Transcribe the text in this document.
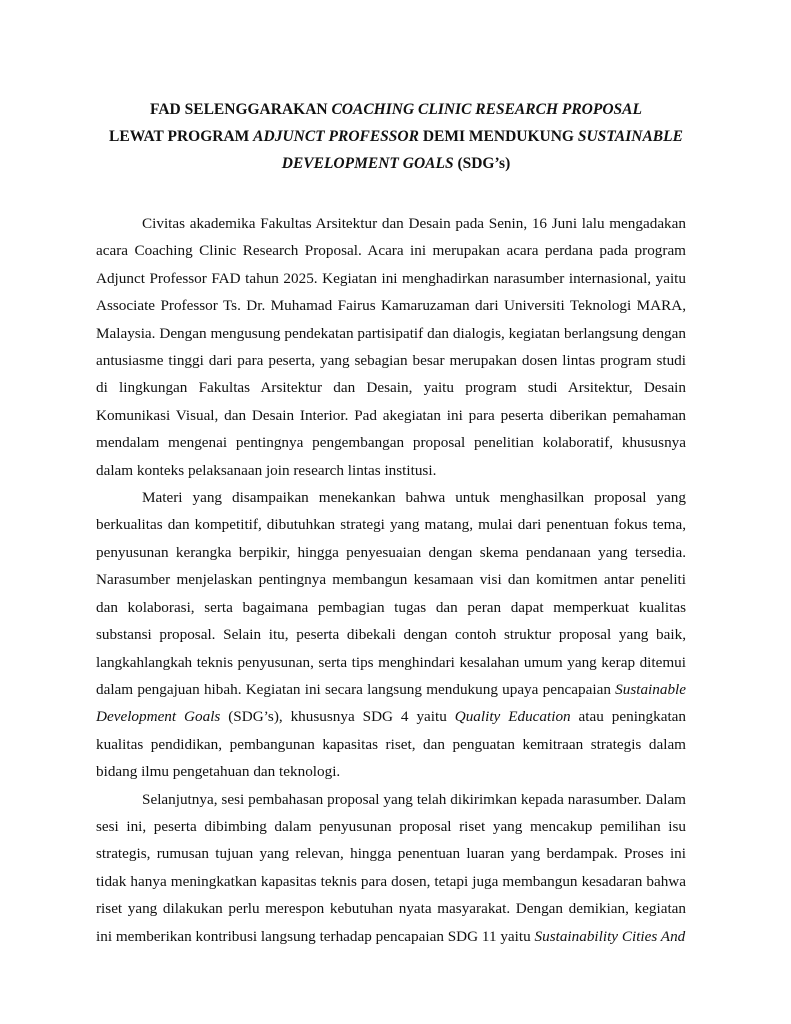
FAD SELENGGARAKAN COACHING CLINIC RESEARCH PROPOSAL
LEWAT PROGRAM ADJUNCT PROFESSOR DEMI MENDUKUNG SUSTAINABLE
DEVELOPMENT GOALS (SDG’s)

Civitas akademika Fakultas Arsitektur dan Desain pada Senin, 16 Juni lalu mengadakan acara Coaching Clinic Research Proposal. Acara ini merupakan acara perdana pada program Adjunct Professor FAD tahun 2025. Kegiatan ini menghadirkan narasumber internasional, yaitu Associate Professor Ts. Dr. Muhamad Fairus Kamaruzaman dari Universiti Teknologi MARA, Malaysia. Dengan mengusung pendekatan partisipatif dan dialogis, kegiatan berlangsung dengan antusiasme tinggi dari para peserta, yang sebagian besar merupakan dosen lintas program studi di lingkungan Fakultas Arsitektur dan Desain, yaitu program studi Arsitektur, Desain Komunikasi Visual, dan Desain Interior. Pad akegiatan ini para peserta diberikan pemahaman mendalam mengenai pentingnya pengembangan proposal penelitian kolaboratif, khususnya dalam konteks pelaksanaan join research lintas institusi.

Materi yang disampaikan menekankan bahwa untuk menghasilkan proposal yang berkualitas dan kompetitif, dibutuhkan strategi yang matang, mulai dari penentuan fokus tema, penyusunan kerangka berpikir, hingga penyesuaian dengan skema pendanaan yang tersedia. Narasumber menjelaskan pentingnya membangun kesamaan visi dan komitmen antar peneliti dan kolaborasi, serta bagaimana pembagian tugas dan peran dapat memperkuat kualitas substansi proposal. Selain itu, peserta dibekali dengan contoh struktur proposal yang baik, langkahlangkah teknis penyusunan, serta tips menghindari kesalahan umum yang kerap ditemui dalam pengajuan hibah. Kegiatan ini secara langsung mendukung upaya pencapaian Sustainable Development Goals (SDG’s), khususnya SDG 4 yaitu Quality Education atau peningkatan kualitas pendidikan, pembangunan kapasitas riset, dan penguatan kemitraan strategis dalam bidang ilmu pengetahuan dan teknologi.

Selanjutnya, sesi pembahasan proposal yang telah dikirimkan kepada narasumber. Dalam sesi ini, peserta dibimbing dalam penyusunan proposal riset yang mencakup pemilihan isu strategis, rumusan tujuan yang relevan, hingga penentuan luaran yang berdampak. Proses ini tidak hanya meningkatkan kapasitas teknis para dosen, tetapi juga membangun kesadaran bahwa riset yang dilakukan perlu merespon kebutuhan nyata masyarakat. Dengan demikian, kegiatan ini memberikan kontribusi langsung terhadap pencapaian SDG 11 yaitu Sustainability Cities And
